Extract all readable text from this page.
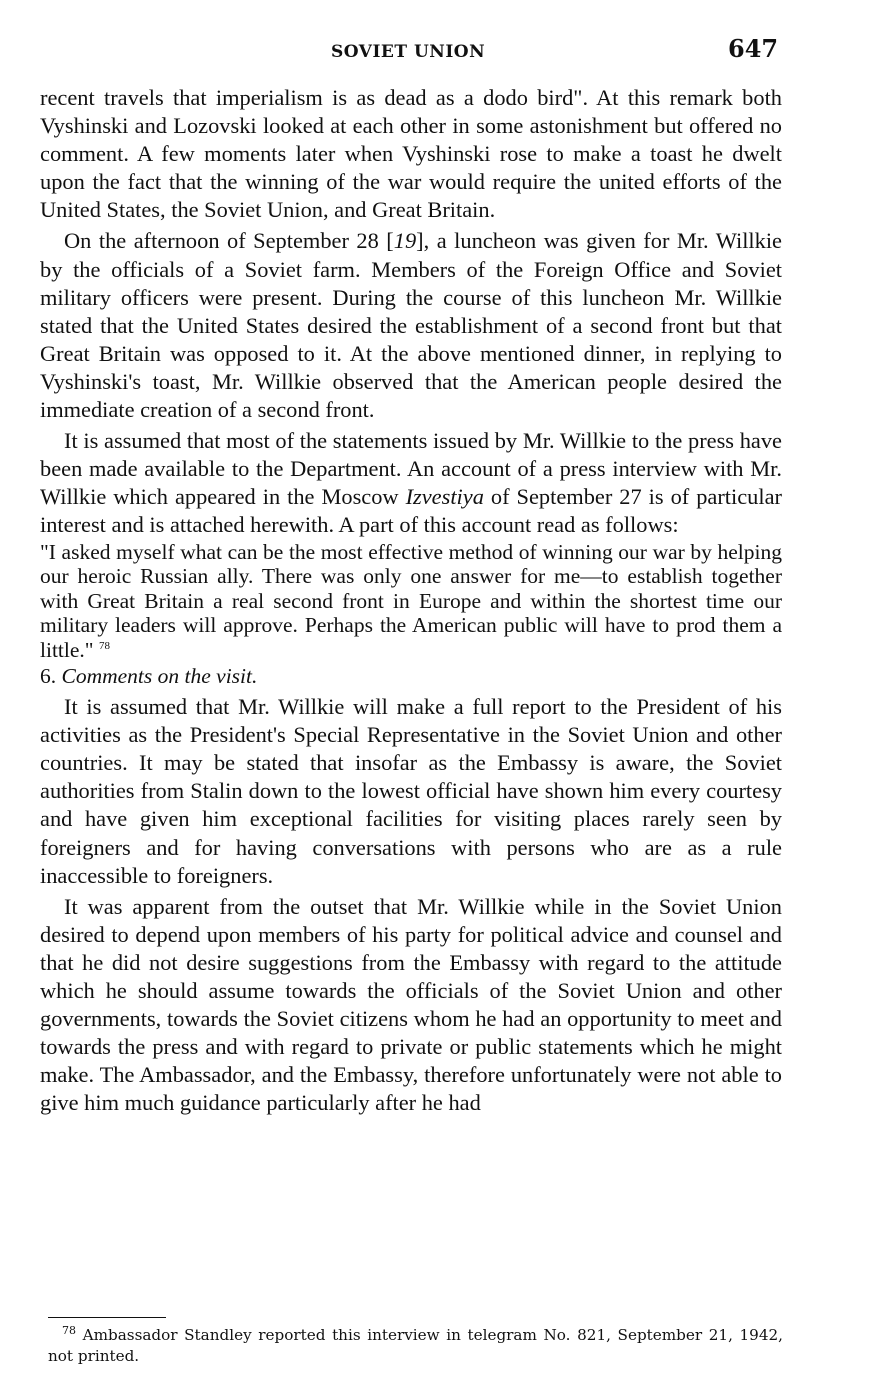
SOVIET UNION	647

recent travels that imperialism is as dead as a dodo bird". At this remark both Vyshinski and Lozovski looked at each other in some astonishment but offered no comment. A few moments later when Vyshinski rose to make a toast he dwelt upon the fact that the winning of the war would require the united efforts of the United States, the Soviet Union, and Great Britain.

On the afternoon of September 28 [19], a luncheon was given for Mr. Willkie by the officials of a Soviet farm. Members of the Foreign Office and Soviet military officers were present. During the course of this luncheon Mr. Willkie stated that the United States desired the establishment of a second front but that Great Britain was opposed to it. At the above mentioned dinner, in replying to Vyshinski's toast, Mr. Willkie observed that the American people desired the immediate creation of a second front.

It is assumed that most of the statements issued by Mr. Willkie to the press have been made available to the Department. An account of a press interview with Mr. Willkie which appeared in the Moscow Izvestiya of September 27 is of particular interest and is attached herewith. A part of this account read as follows:

"I asked myself what can be the most effective method of winning our war by helping our heroic Russian ally. There was only one answer for me—to establish together with Great Britain a real second front in Europe and within the shortest time our military leaders will approve. Perhaps the American public will have to prod them a little." $^{78}$

6. Comments on the visit.

It is assumed that Mr. Willkie will make a full report to the President of his activities as the President's Special Representative in the Soviet Union and other countries. It may be stated that insofar as the Embassy is aware, the Soviet authorities from Stalin down to the lowest official have shown him every courtesy and have given him exceptional facilities for visiting places rarely seen by foreigners and for having conversations with persons who are as a rule inaccessible to foreigners.

It was apparent from the outset that Mr. Willkie while in the Soviet Union desired to depend upon members of his party for political advice and counsel and that he did not desire suggestions from the Embassy with regard to the attitude which he should assume towards the officials of the Soviet Union and other governments, towards the Soviet citizens whom he had an opportunity to meet and towards the press and with regard to private or public statements which he might make. The Ambassador, and the Embassy, therefore unfortunately were not able to give him much guidance particularly after he had

$^{78}$ Ambassador Standley reported this interview in telegram No. 821, September 21, 1942, not printed.
